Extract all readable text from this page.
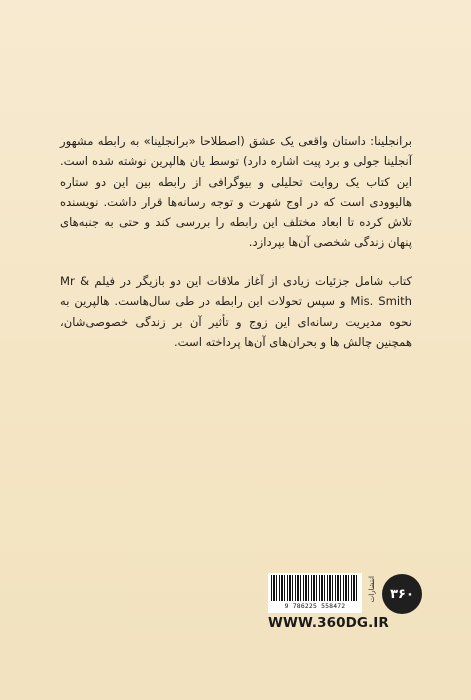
برانجلینا: داستان واقعی یک عشق (اصطلاحا «برانجلینا» به رابطه مشهور آنجلینا جولی و برد پیت اشاره دارد) توسط یان هالپرین نوشته شده است. این کتاب یک روایت تحلیلی و بیوگرافی از رابطه بین این دو ستاره هالیوودی است که در اوج شهرت و توجه رسانه‌ها قرار داشت. نویسنده تلاش کرده تا ابعاد مختلف این رابطه را بررسی کند و حتی به جنبه‌های پنهان زندگی شخصی آن‌ها بپردازد.

کتاب شامل جزئیات زیادی از آغاز ملاقات این دو بازیگر در فیلم Mr & Mis. Smith و سپس تحولات این رابطه در طی سال‌هاست. هالپرین به نحوه مدیریت رسانه‌ای این زوج و تأثیر آن بر زندگی خصوصی‌شان، همچنین چالش ها و بحران‌های آن‌ها پرداخته است.

9 786225 558472
انتشارات ۳۶۰
WWW.360DG.IR
